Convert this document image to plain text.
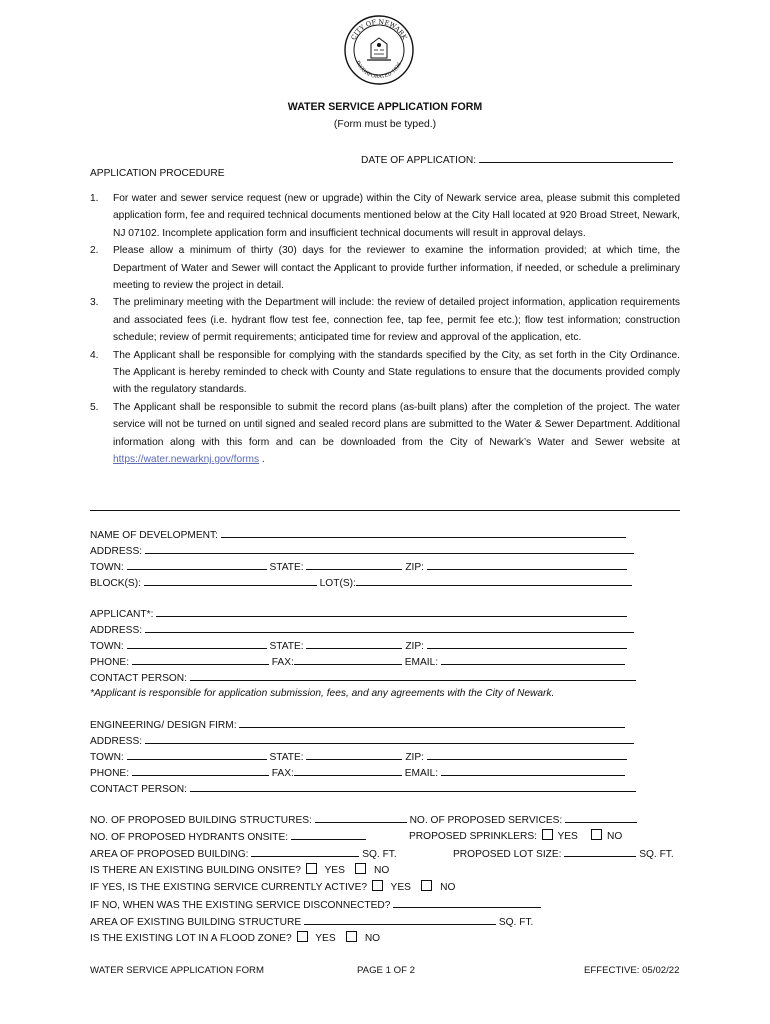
CITY OF NEWARK
INCORPORATED 1836
WATER SERVICE APPLICATION FORM
(Form must be typed.)
DATE OF APPLICATION:
APPLICATION PROCEDURE
1. For water and sewer service request (new or upgrade) within the City of Newark service area, please submit this completed application form, fee and required technical documents mentioned below at the City Hall located at 920 Broad Street, Newark, NJ 07102. Incomplete application form and insufficient technical documents will result in approval delays.
2. Please allow a minimum of thirty (30) days for the reviewer to examine the information provided; at which time, the Department of Water and Sewer will contact the Applicant to provide further information, if needed, or schedule a preliminary meeting to review the project in detail.
3. The preliminary meeting with the Department will include: the review of detailed project information, application requirements and associated fees (i.e. hydrant flow test fee, connection fee, tap fee, permit fee etc.); flow test information; construction schedule; review of permit requirements; anticipated time for review and approval of the application, etc.
4. The Applicant shall be responsible for complying with the standards specified by the City, as set forth in the City Ordinance. The Applicant is hereby reminded to check with County and State regulations to ensure that the documents provided comply with the regulatory standards.
5. The Applicant shall be responsible to submit the record plans (as-built plans) after the completion of the project. The water service will not be turned on until signed and sealed record plans are submitted to the Water & Sewer Department. Additional information along with this form and can be downloaded from the City of Newark’s Water and Sewer website at https://water.newarknj.gov/forms .
NAME OF DEVELOPMENT:
ADDRESS:
TOWN:	STATE:	ZIP:
BLOCK(S):	LOT(S):
APPLICANT*:
ADDRESS:
TOWN:	STATE:	ZIP:
PHONE:	FAX:	EMAIL:
CONTACT PERSON:
*Applicant is responsible for application submission, fees, and any agreements with the City of Newark.
ENGINEERING/ DESIGN FIRM:
ADDRESS:
TOWN:	STATE:	ZIP:
PHONE:	FAX:	EMAIL:
CONTACT PERSON:
NO. OF PROPOSED BUILDING STRUCTURES:	NO. OF PROPOSED SERVICES:
NO. OF PROPOSED HYDRANTS ONSITE:	PROPOSED SPRINKLERS: YES	NO
AREA OF PROPOSED BUILDING:	SQ. FT.	PROPOSED LOT SIZE:	SQ. FT.
IS THERE AN EXISTING BUILDING ONSITE? YES	NO
IF YES, IS THE EXISTING SERVICE CURRENTLY ACTIVE? YES	NO
IF NO, WHEN WAS THE EXISTING SERVICE DISCONNECTED?
AREA OF EXISTING BUILDING STRUCTURE	SQ. FT.
IS THE EXISTING LOT IN A FLOOD ZONE? YES	NO
WATER SERVICE APPLICATION FORM	PAGE 1 OF 2	EFFECTIVE: 05/02/22
